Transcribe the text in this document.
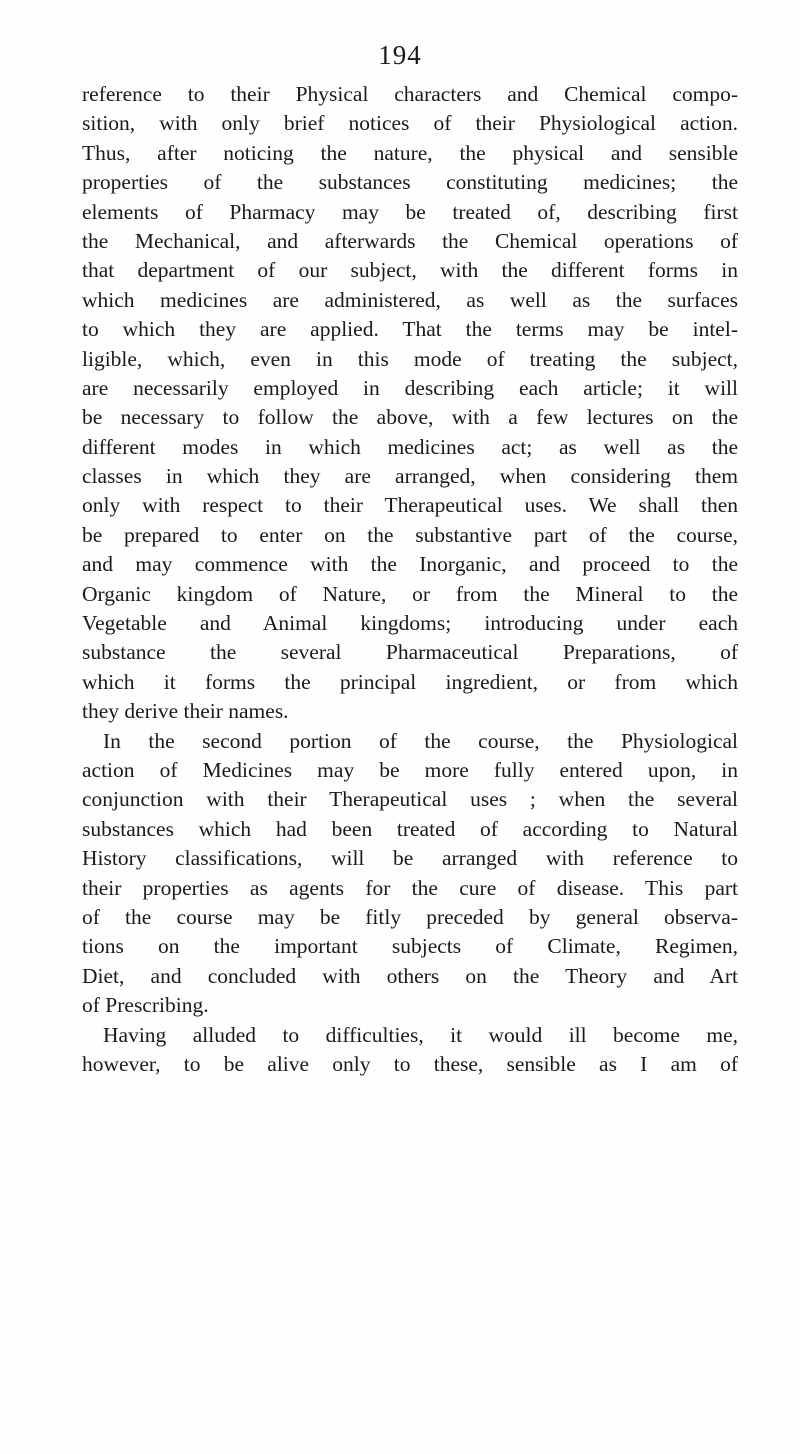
194
reference to their Physical characters and Chemical compo-
sition, with only brief notices of their Physiological action.
Thus, after noticing the nature, the physical and sensible
properties of the substances constituting medicines; the
elements of Pharmacy may be treated of, describing first
the Mechanical, and afterwards the Chemical operations of
that department of our subject, with the different forms in
which medicines are administered, as well as the surfaces
to which they are applied. That the terms may be intel-
ligible, which, even in this mode of treating the subject,
are necessarily employed in describing each article; it will
be necessary to follow the above, with a few lectures on the
different modes in which medicines act; as well as the
classes in which they are arranged, when considering them
only with respect to their Therapeutical uses. We shall then
be prepared to enter on the substantive part of the course,
and may commence with the Inorganic, and proceed to the
Organic kingdom of Nature, or from the Mineral to the
Vegetable and Animal kingdoms; introducing under each
substance the several Pharmaceutical Preparations, of
which it forms the principal ingredient, or from which
they derive their names.
In the second portion of the course, the Physiological
action of Medicines may be more fully entered upon, in
conjunction with their Therapeutical uses ; when the several
substances which had been treated of according to Natural
History classifications, will be arranged with reference to
their properties as agents for the cure of disease. This part
of the course may be fitly preceded by general observa-
tions on the important subjects of Climate, Regimen,
Diet, and concluded with others on the Theory and Art
of Prescribing.
Having alluded to difficulties, it would ill become me,
however, to be alive only to these, sensible as I am of
